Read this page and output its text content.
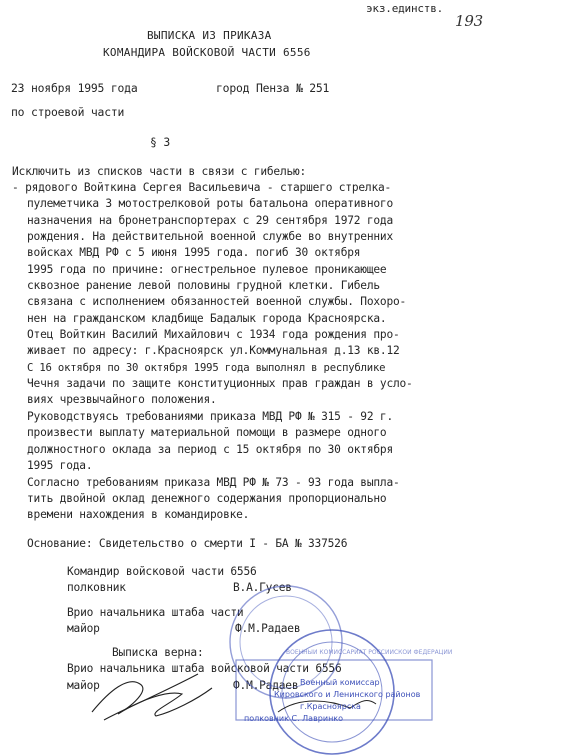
экз.единств.
193
ВЫПИСКА ИЗ ПРИКАЗА
КОМАНДИРА ВОЙСКОВОЙ ЧАСТИ 6556
23 ноября 1995 года	город Пенза № 251
по строевой части
§ 3
Исключить из списков части в связи с гибелью:
- рядового Войткина Сергея Васильевича - старшего стрелка-
пулеметчика 3 мотострелковой роты батальона оперативного
назначения на бронетранспортерах с 29 сентября 1972 года
рождения. На действительной военной службе во внутренних
войсках МВД РФ с 5 июня 1995 года. погиб 30 октября
1995 года по причине: огнестрельное пулевое проникающее
сквозное ранение левой половины грудной клетки. Гибель
связана с исполнением обязанностей военной службы. Похоро-
нен на гражданском кладбище Бадалык города Красноярска.
Отец Войткин Василий Михайлович с 1934 года рождения про-
живает по адресу: г.Красноярск ул.Коммунальная д.13 кв.12
С 16 октября по 30 октября 1995 года выполнял в республике
Чечня задачи по защите конституционных прав граждан в усло-
виях чрезвычайного положения.
Руководствуясь требованиями приказа МВД РФ № 315 - 92 г.
произвести выплату материальной помощи в размере одного
должностного оклада за период с 15 октября по 30 октября
1995 года.
Согласно требованиям приказа МВД РФ № 73 - 93 года выпла-
тить двойной оклад денежного содержания пропорционально
времени нахождения в командировке.
Основание: Свидетельство о смерти I - БА № 337526
Командир войсковой части 6556
полковник	В.А.Гусев
Врио начальника штаба части
майор	Ф.М.Радаев
Выписка верна:
Врио начальника штаба войсковой части 6556
майор	Ф.М.Радаев
ВОЕННЫЙ КОМИССАРИАТ РОССИЙСКОЙ ФЕДЕРАЦИИ
Военный комиссар
Кировского и Ленинского районов
г.Красноярска
полковник С. Лавринко
